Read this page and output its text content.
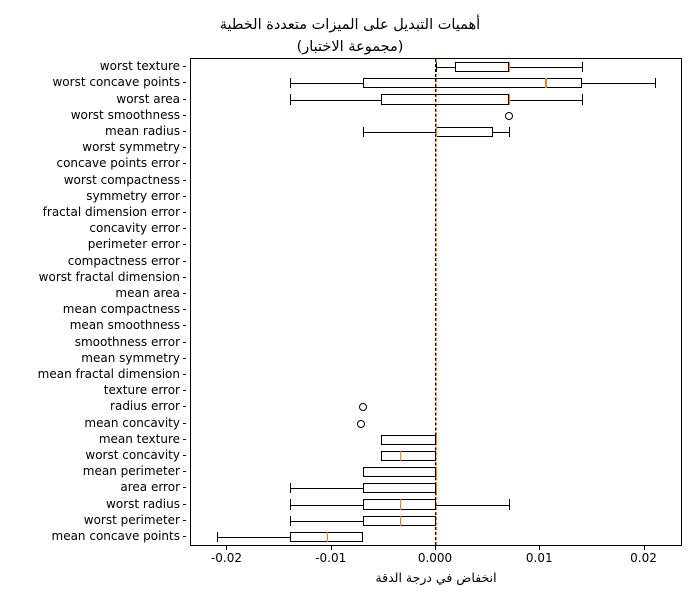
أهميات التبديل على الميزات متعددة الخطية
(مجموعة الاختبار)
worst texture
worst concave points
worst area
worst smoothness
mean radius
worst symmetry
concave points error
worst compactness
symmetry error
fractal dimension error
concavity error
perimeter error
compactness error
worst fractal dimension
mean area
mean compactness
mean smoothness
smoothness error
mean symmetry
mean fractal dimension
texture error
radius error
mean concavity
mean texture
worst concavity
mean perimeter
area error
worst radius
worst perimeter
mean concave points
-0.02	-0.01	0.000	0.01	0.02
انخفاض في درجة الدقة
